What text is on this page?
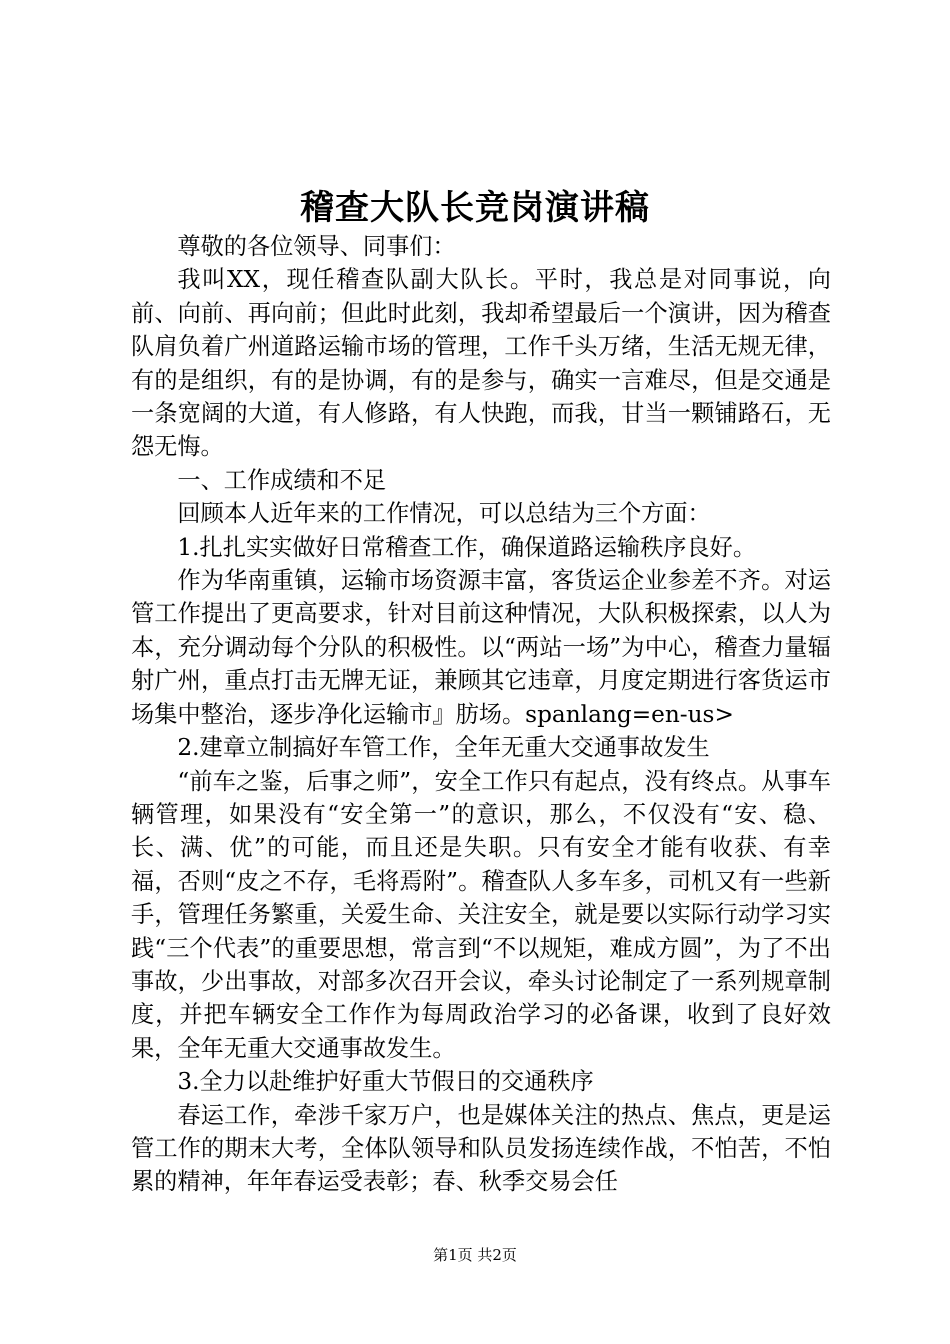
稽查大队长竞岗演讲稿

尊敬的各位领导、同事们：

我叫XX，现任稽查队副大队长。平时，我总是对同事说，向前、向前、再向前；但此时此刻，我却希望最后一个演讲，因为稽查队肩负着广州道路运输市场的管理，工作千头万绪，生活无规无律，有的是组织，有的是协调，有的是参与，确实一言难尽，但是交通是一条宽阔的大道，有人修路，有人快跑，而我，甘当一颗铺路石，无怨无悔。

一、工作成绩和不足

回顾本人近年来的工作情况，可以总结为三个方面：

1.扎扎实实做好日常稽查工作，确保道路运输秩序良好。

作为华南重镇，运输市场资源丰富，客货运企业参差不齐。对运管工作提出了更高要求，针对目前这种情况，大队积极探索，以人为本，充分调动每个分队的积极性。以“两站一场”为中心，稽查力量辐射广州，重点打击无牌无证，兼顾其它违章，月度定期进行客货运市场集中整治，逐步净化运输市』肪场。spanlang=en-us>

2.建章立制搞好车管工作，全年无重大交通事故发生

“前车之鉴，后事之师”，安全工作只有起点，没有终点。从事车辆管理，如果没有“安全第一”的意识，那么，不仅没有“安、稳、长、满、优”的可能，而且还是失职。只有安全才能有收获、有幸福，否则“皮之不存，毛将焉附”。稽查队人多车多，司机又有一些新手，管理任务繁重，关爱生命、关注安全，就是要以实际行动学习实践“三个代表”的重要思想，常言到“不以规矩，难成方圆”，为了不出事故，少出事故，对部多次召开会议，牵头讨论制定了一系列规章制度，并把车辆安全工作作为每周政治学习的必备课，收到了良好效果，全年无重大交通事故发生。

3.全力以赴维护好重大节假日的交通秩序

春运工作，牵涉千家万户，也是媒体关注的热点、焦点，更是运管工作的期末大考，全体队领导和队员发扬连续作战，不怕苦，不怕累的精神，年年春运受表彰；春、秋季交易会任

第1页 共2页
